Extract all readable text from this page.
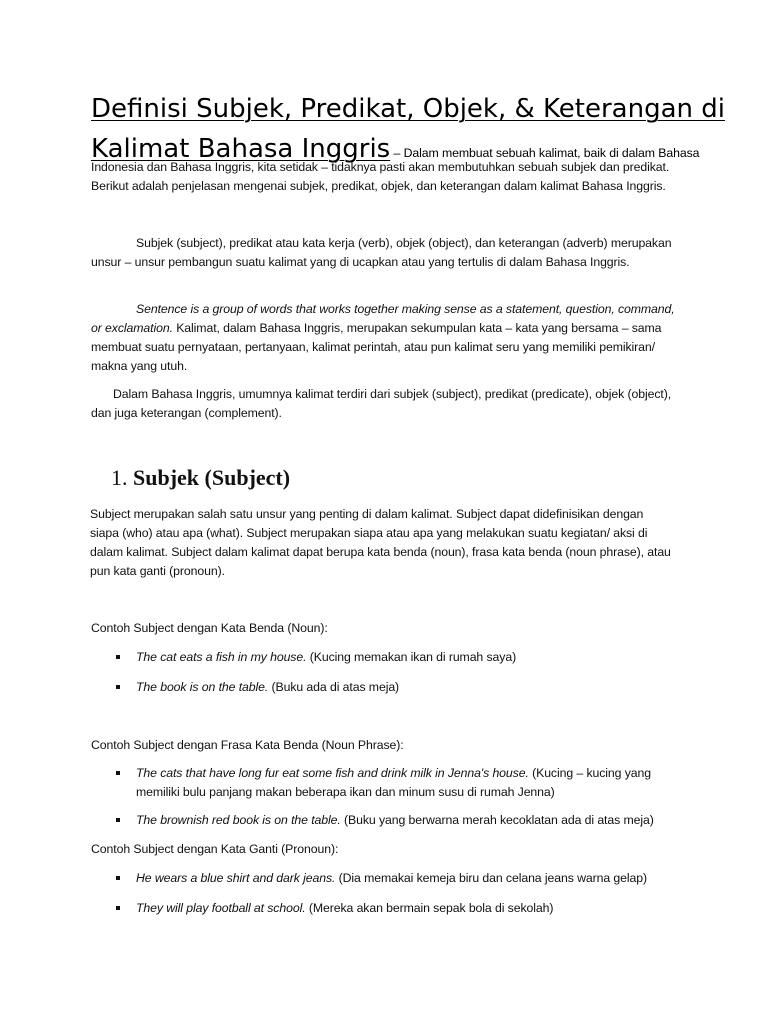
Definisi Subjek, Predikat, Objek, & Keterangan di
Kalimat Bahasa Inggris – Dalam membuat sebuah kalimat, baik di dalam Bahasa

Indonesia dan Bahasa Inggris, kita setidak – tidaknya pasti akan membutuhkan sebuah subjek dan predikat. Berikut adalah penjelasan mengenai subjek, predikat, objek, dan keterangan dalam kalimat Bahasa Inggris.

Subjek (subject), predikat atau kata kerja (verb), objek (object), dan keterangan (adverb) merupakan unsur – unsur pembangun suatu kalimat yang di ucapkan atau yang tertulis di dalam Bahasa Inggris.

Sentence is a group of words that works together making sense as a statement, question, command, or exclamation. Kalimat, dalam Bahasa Inggris, merupakan sekumpulan kata – kata yang bersama – sama membuat suatu pernyataan, pertanyaan, kalimat perintah, atau pun kalimat seru yang memiliki pemikiran/ makna yang utuh.

Dalam Bahasa Inggris, umumnya kalimat terdiri dari subjek (subject), predikat (predicate), objek (object), dan juga keterangan (complement).

1. Subjek (Subject)

Subject merupakan salah satu unsur yang penting di dalam kalimat. Subject dapat didefinisikan dengan siapa (who) atau apa (what). Subject merupakan siapa atau apa yang melakukan suatu kegiatan/ aksi di dalam kalimat. Subject dalam kalimat dapat berupa kata benda (noun), frasa kata benda (noun phrase), atau pun kata ganti (pronoun).

Contoh Subject dengan Kata Benda (Noun):
The cat eats a fish in my house. (Kucing memakan ikan di rumah saya)
The book is on the table. (Buku ada di atas meja)
Contoh Subject dengan Frasa Kata Benda (Noun Phrase):
The cats that have long fur eat some fish and drink milk in Jenna's house. (Kucing – kucing yang memiliki bulu panjang makan beberapa ikan dan minum susu di rumah Jenna)
The brownish red book is on the table. (Buku yang berwarna merah kecoklatan ada di atas meja)
Contoh Subject dengan Kata Ganti (Pronoun):
He wears a blue shirt and dark jeans. (Dia memakai kemeja biru dan celana jeans warna gelap)
They will play football at school. (Mereka akan bermain sepak bola di sekolah)
